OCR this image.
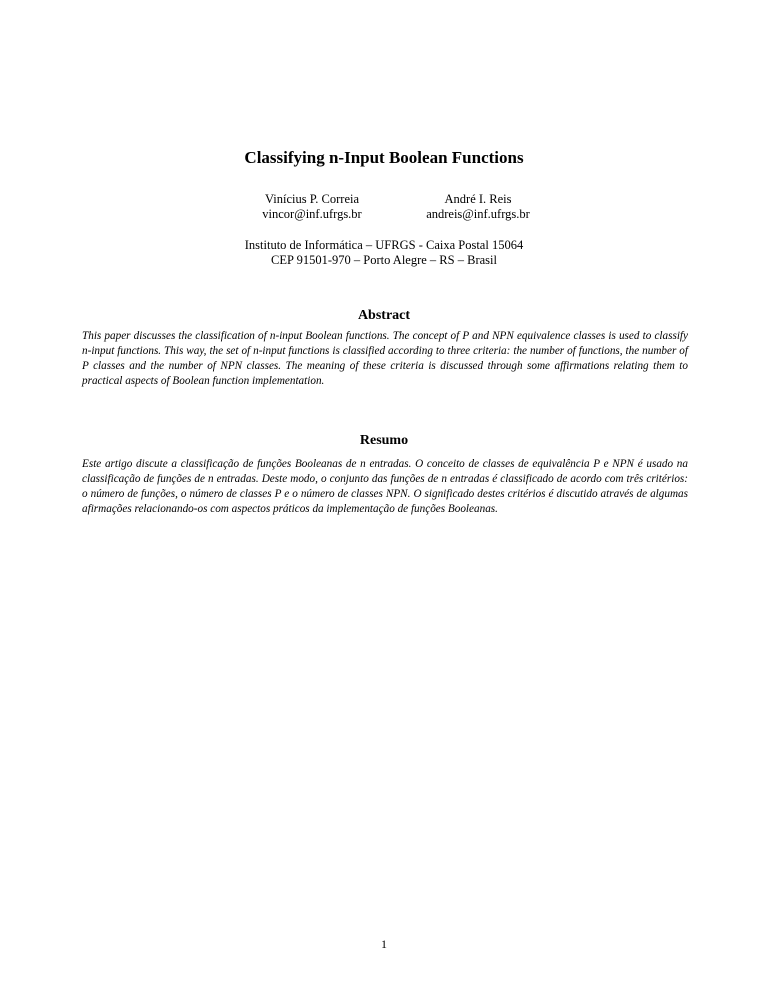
Classifying n-Input Boolean Functions
Vinícius P. Correia
vincor@inf.ufrgs.br
André I. Reis
andreis@inf.ufrgs.br
Instituto de Informática – UFRGS - Caixa Postal 15064
CEP 91501-970 – Porto Alegre – RS – Brasil
Abstract
This paper discusses the classification of n-input Boolean functions. The concept of P and NPN equivalence classes is used to classify n-input functions. This way, the set of n-input functions is classified according to three criteria: the number of functions, the number of P classes and the number of NPN classes. The meaning of these criteria is discussed through some affirmations relating them to practical aspects of Boolean function implementation.
Resumo
Este artigo discute a classificação de funções Booleanas de n entradas. O conceito de classes de equivalência P e NPN é usado na classificação de funções de n entradas. Deste modo, o conjunto das funções de n entradas é classificado de acordo com três critérios: o número de funções, o número de classes P e o número de classes NPN. O significado destes critérios é discutido através de algumas afirmações relacionando-os com aspectos práticos da implementação de funções Booleanas.
1
